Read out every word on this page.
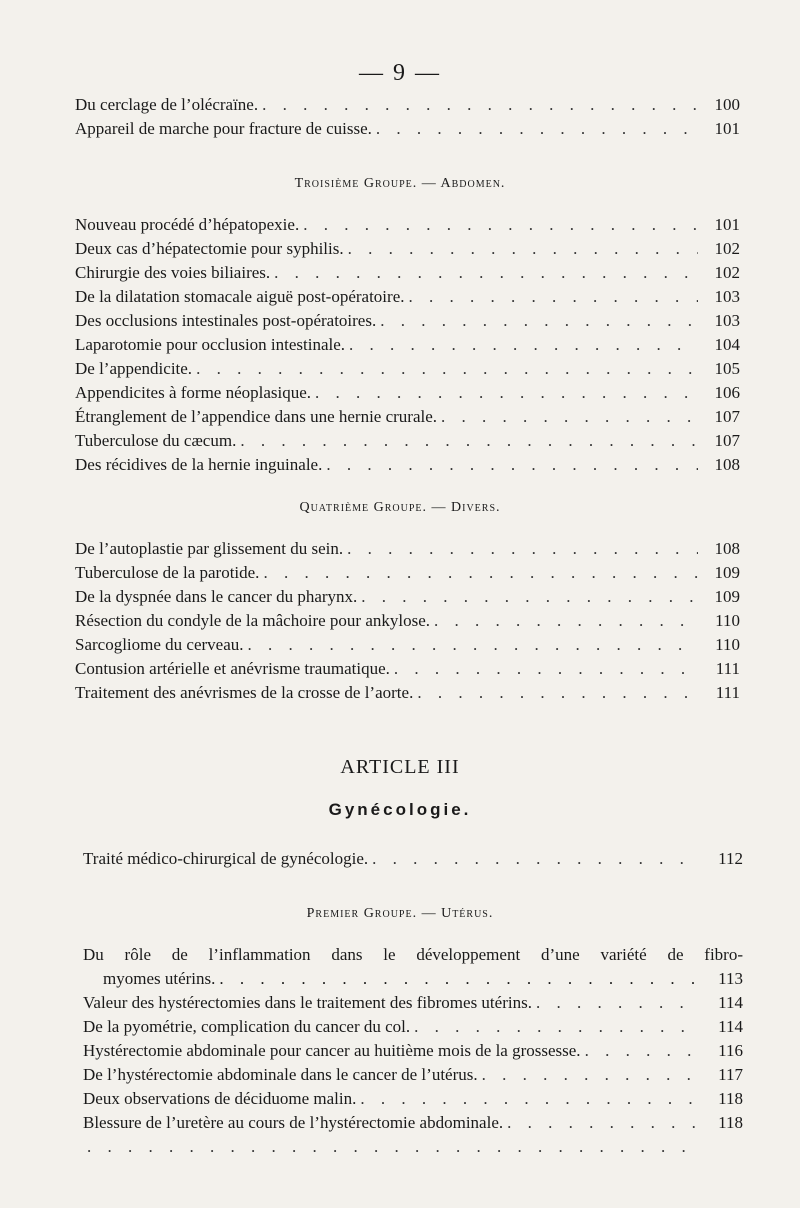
— 9 —
Du cerclage de l’olécraïne. . . .	100
Appareil de marche pour fracture de cuisse. . . .	101
Troisième Groupe. — Abdomen.
Nouveau procédé d’hépatopexie. . . .	101
Deux cas d’hépatectomie pour syphilis. . . .	102
Chirurgie des voies biliaires. . . .	102
De la dilatation stomacale aiguë post-opératoire. . . .	103
Des occlusions intestinales post-opératoires. . . .	103
Laparotomie pour occlusion intestinale. . . .	104
De l’appendicite. . . .	105
Appendicites à forme néoplasique. . . .	106
Étranglement de l’appendice dans une hernie crurale. . . .	107
Tuberculose du cæcum. . . .	107
Des récidives de la hernie inguinale. . . .	108
Quatrième Groupe. — Divers.
De l’autoplastie par glissement du sein. . . .	108
Tuberculose de la parotide. . . .	109
De la dyspnée dans le cancer du pharynx. . . .	109
Résection du condyle de la mâchoire pour ankylose. . . .	110
Sarcogliome du cerveau. . . .	110
Contusion artérielle et anévrisme traumatique. . . .	111
Traitement des anévrismes de la crosse de l’aorte. . . .	111
ARTICLE III
Gynécologie.
Traité médico-chirurgical de gynécologie. . . .	112
Premier Groupe. — Utérus.
Du rôle de l’inflammation dans le développement d’une variété de fibro-
myomes utérins. . . .	113
Valeur des hystérectomies dans le traitement des fibromes utérins. . . .	114
De la pyométrie, complication du cancer du col. . . .	114
Hystérectomie abdominale pour cancer au huitième mois de la grossesse. . . .	116
De l’hystérectomie abdominale dans le cancer de l’utérus. . . .	117
Deux observations de déciduome malin. . . .	118
Blessure de l’uretère au cours de l’hystérectomie abdominale. . . .	118
. . .
